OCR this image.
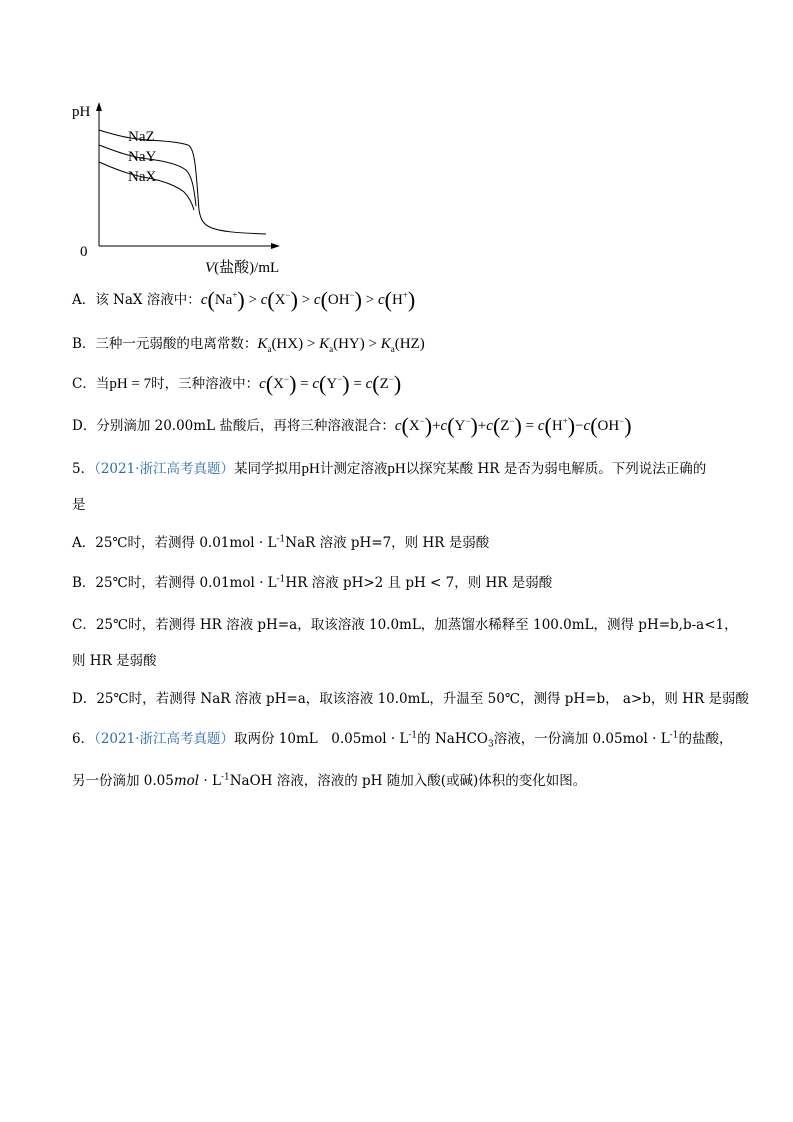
pH
0
NaZ
NaY
NaX
V(盐酸)/mL
A．该 NaX 溶液中：c(Na+) > c(X−) > c(OH−) > c(H+)
B．三种一元弱酸的电离常数：$K_a(HX) > K_a(HY) > K_a(HZ)$
C．当pH = 7时，三种溶液中：c(X−) = c(Y−) = c(Z−)
D．分别滴加 20.00mL 盐酸后，再将三种溶液混合：c(X−)+c(Y−)+c(Z−) = c(H+)−c(OH−)
5．（2021·浙江高考真题）某同学拟用pH计测定溶液pH以探究某酸 HR 是否为弱电解质。下列说法正确的
是
A．25℃时，若测得 $0.01mol \cdot L^{-1}NaR$ 溶液 pH=7，则 HR 是弱酸
B．25℃时，若测得 $0.01mol \cdot L^{-1}HR$ 溶液 pH>2 且 pH < 7，则 HR 是弱酸
C．25℃时，若测得 HR 溶液 pH=a，取该溶液 10.0mL，加蒸馏水稀释至 100.0mL，测得 pH=b,b-a<1，
则 HR 是弱酸
D．25℃时，若测得 NaR 溶液 pH=a，取该溶液 10.0mL，升温至 50℃，测得 pH=b， a>b，则 HR 是弱酸
6．（2021·浙江高考真题）取两份 10mL　$0.05mol \cdot L^{-1}$的 NaHCO$_3$溶液，一份滴加 $0.05mol \cdot L^{-1}$的盐酸，
另一份滴加 $0.05mol \cdot L^{-1}NaOH$ 溶液，溶液的 pH 随加入酸(或碱)体积的变化如图。
